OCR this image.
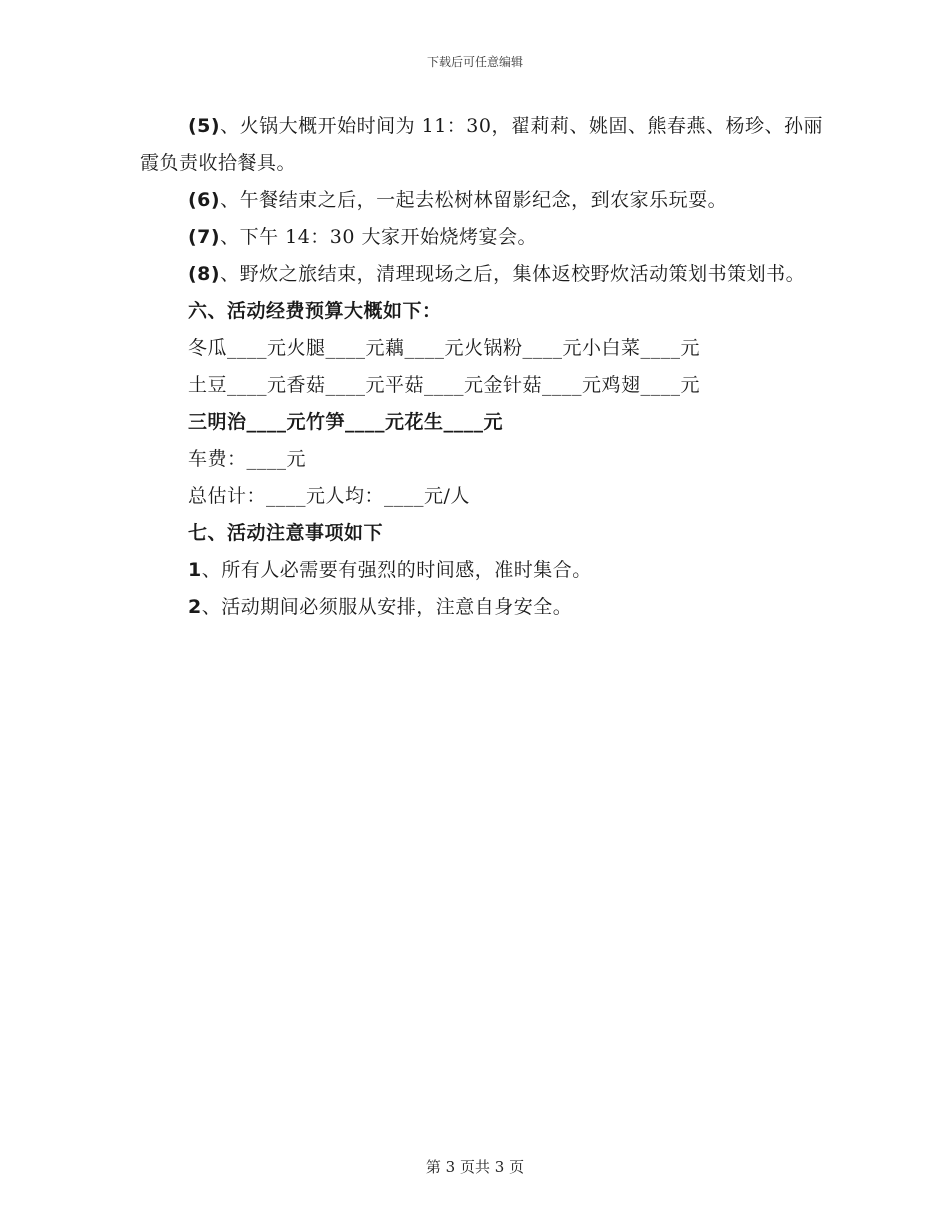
下载后可任意编辑

(5)、火锅大概开始时间为 11：30，翟莉莉、姚固、熊春燕、杨珍、孙丽霞负责收拾餐具。

(6)、午餐结束之后，一起去松树林留影纪念，到农家乐玩耍。

(7)、下午 14：30 大家开始烧烤宴会。

(8)、野炊之旅结束，清理现场之后，集体返校野炊活动策划书策划书。

六、活动经费预算大概如下：

冬瓜____元火腿____元藕____元火锅粉____元小白菜____元

土豆____元香菇____元平菇____元金针菇____元鸡翅____元

三明治____元竹笋____元花生____元

车费：____元

总估计：____元人均：____元/人

七、活动注意事项如下

1、所有人必需要有强烈的时间感，准时集合。

2、活动期间必须服从安排，注意自身安全。

第 3 页共 3 页
